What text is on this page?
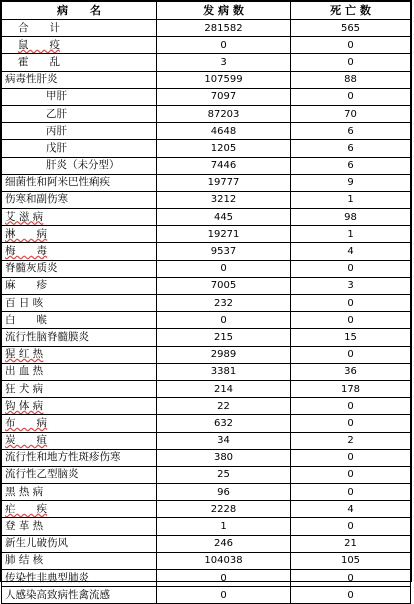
病　　名	发 病 数	死 亡 数
合　　计	281582	565
鼠　　疫	0	0
霍　　乱	3	0
病毒性肝炎	107599	88
甲肝	7097	0
乙肝	87203	70
丙肝	4648	6
戊肝	1205	6
肝炎（未分型）	7446	6
细菌性和阿米巴性痢疾	19777	9
伤寒和副伤寒	3212	1
艾 滋 病	445	98
淋　　病	19271	1
梅　　毒	9537	4
脊髓灰质炎	0	0
麻　　疹	7005	3
百 日 咳	232	0
白　　喉	0	0
流行性脑脊髓膜炎	215	15
猩 红 热	2989	0
出 血 热	3381	36
狂 犬 病	214	178
钩 体 病	22	0
布　　病	632	0
炭　　疽	34	2
流行性和地方性斑疹伤寒	380	0
流行性乙型脑炎	25	0
黑 热 病	96	0
疟　　疾	2228	4
登 革 热	1	0
新生儿破伤风	246	21
肺 结 核	104038	105
传染性非典型肺炎	0	0
人感染高致病性禽流感	0	0
